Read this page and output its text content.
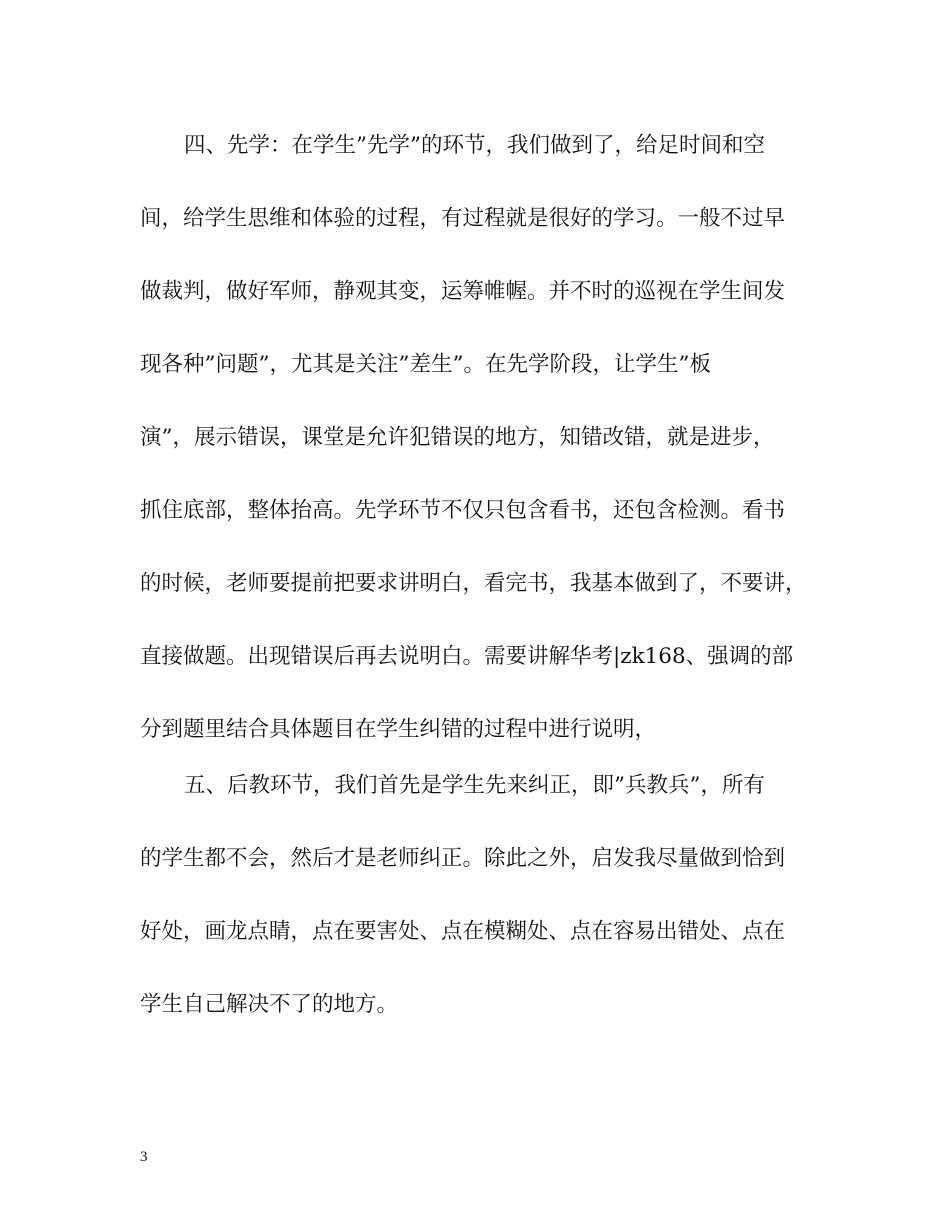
四、先学：在学生”先学”的环节，我们做到了，给足时间和空

间，给学生思维和体验的过程，有过程就是很好的学习。一般不过早

做裁判，做好军师，静观其变，运筹帷幄。并不时的巡视在学生间发

现各种”问题”，尤其是关注”差生”。在先学阶段，让学生”板

演”，展示错误，课堂是允许犯错误的地方，知错改错，就是进步，

抓住底部，整体抬高。先学环节不仅只包含看书，还包含检测。看书

的时候，老师要提前把要求讲明白，看完书，我基本做到了，不要讲，

直接做题。出现错误后再去说明白。需要讲解华考|zk168、强调的部

分到题里结合具体题目在学生纠错的过程中进行说明，

五、后教环节，我们首先是学生先来纠正，即”兵教兵”，所有

的学生都不会，然后才是老师纠正。除此之外，启发我尽量做到恰到

好处，画龙点睛，点在要害处、点在模糊处、点在容易出错处、点在

学生自己解决不了的地方。

3
